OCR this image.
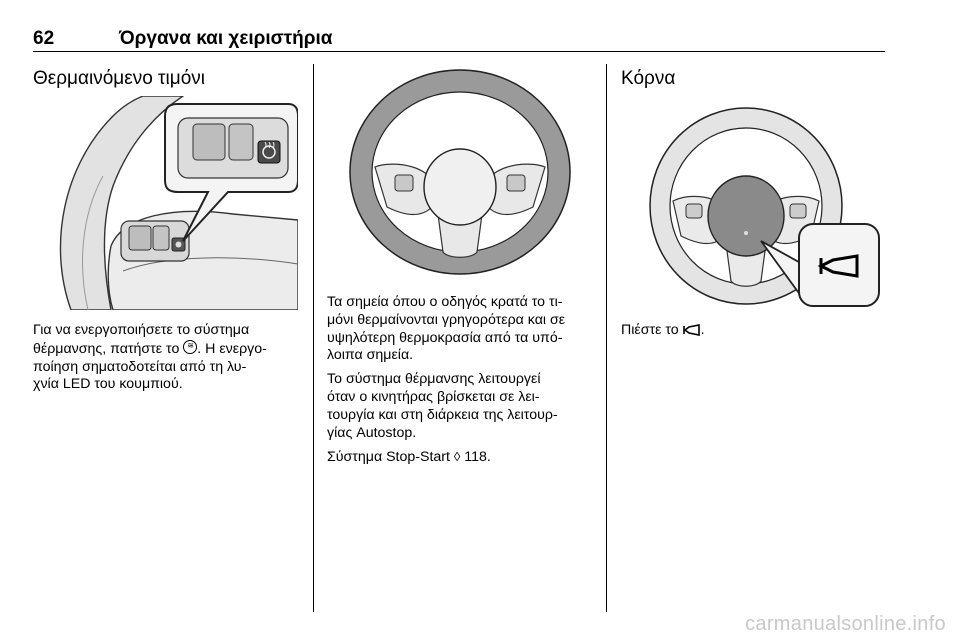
62	Όργανα και χειριστήρια
Θερμαινόμενο τιμόνι
Για να ενεργοποιήσετε το σύστημα
θέρμανσης, πατήστε το ≋ . Η ενεργο-
ποίηση σηματοδοτείται από τη λυ-
χνία LED του κουμπιού.

Τα σημεία όπου ο οδηγός κρατά το τι-
μόνι θερμαίνονται γρηγορότερα και σε
υψηλότερη θερμοκρασία από τα υπό-
λοιπα σημεία.

Το σύστημα θέρμανσης λειτουργεί
όταν ο κινητήρας βρίσκεται σε λει-
τουργία και στη διάρκεια της λειτουρ-
γίας Autostop.

Σύστημα Stop-Start ◊ 118.

Κόρνα
Πιέστε το .
carmanualsonline.info
